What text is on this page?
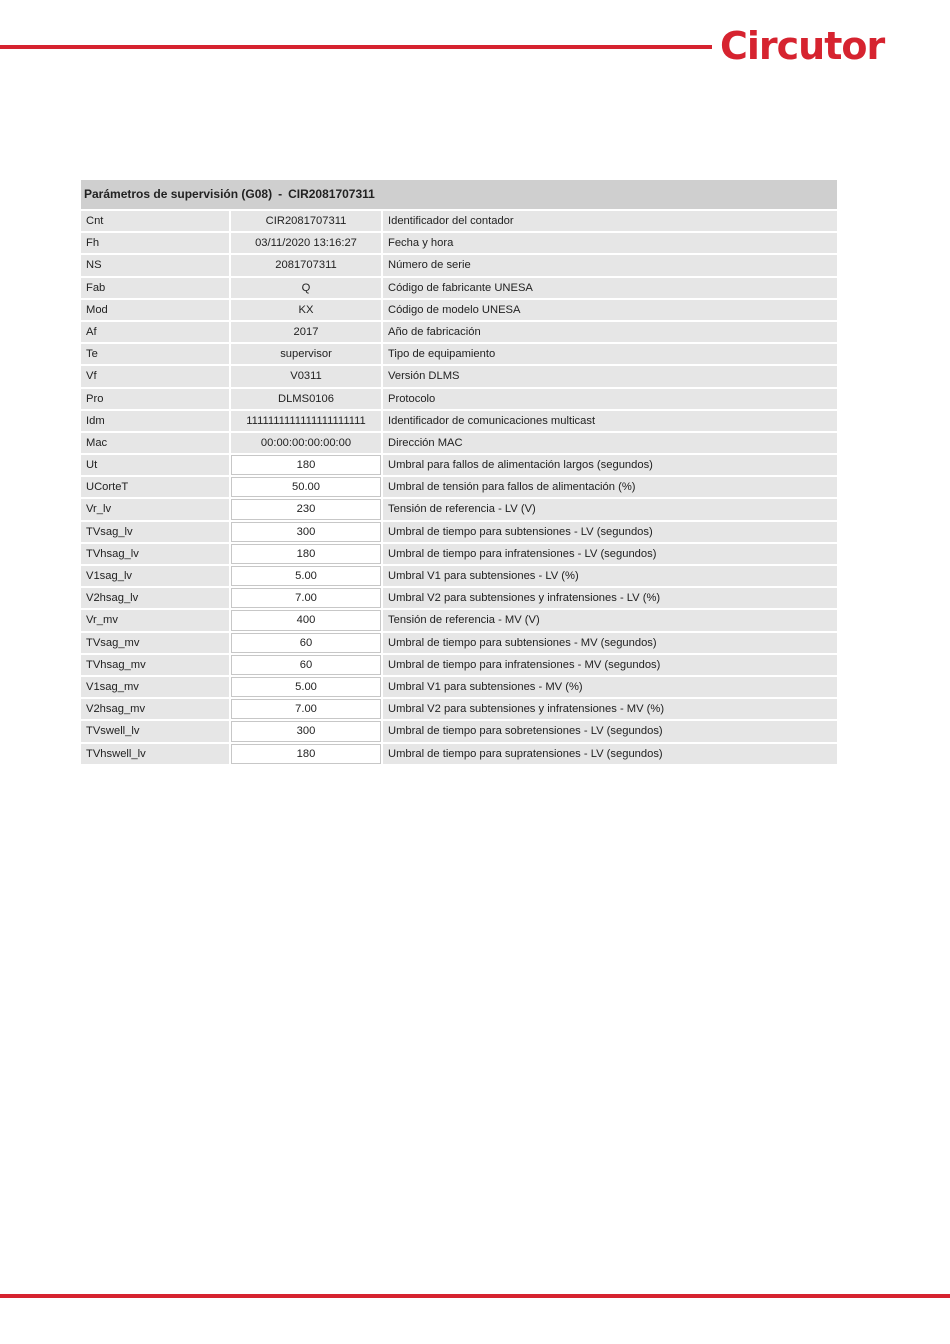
Circutor
Parámetros de supervisión (G08) - CIR2081707311
Cnt	CIR2081707311	Identificador del contador
Fh	03/11/2020 13:16:27	Fecha y hora
NS	2081707311	Número de serie
Fab	Q	Código de fabricante UNESA
Mod	KX	Código de modelo UNESA
Af	2017	Año de fabricación
Te	supervisor	Tipo de equipamiento
Vf	V0311	Versión DLMS
Pro	DLMS0106	Protocolo
Idm	1111111111111111111111	Identificador de comunicaciones multicast
Mac	00:00:00:00:00:00	Dirección MAC
Ut	180	Umbral para fallos de alimentación largos (segundos)
UCorteT	50.00	Umbral de tensión para fallos de alimentación (%)
Vr_lv	230	Tensión de referencia - LV (V)
TVsag_lv	300	Umbral de tiempo para subtensiones - LV (segundos)
TVhsag_lv	180	Umbral de tiempo para infratensiones - LV (segundos)
V1sag_lv	5.00	Umbral V1 para subtensiones - LV (%)
V2hsag_lv	7.00	Umbral V2 para subtensiones y infratensiones - LV (%)
Vr_mv	400	Tensión de referencia - MV (V)
TVsag_mv	60	Umbral de tiempo para subtensiones - MV (segundos)
TVhsag_mv	60	Umbral de tiempo para infratensiones - MV (segundos)
V1sag_mv	5.00	Umbral V1 para subtensiones - MV (%)
V2hsag_mv	7.00	Umbral V2 para subtensiones y infratensiones - MV (%)
TVswell_lv	300	Umbral de tiempo para sobretensiones - LV (segundos)
TVhswell_lv	180	Umbral de tiempo para supratensiones - LV (segundos)
